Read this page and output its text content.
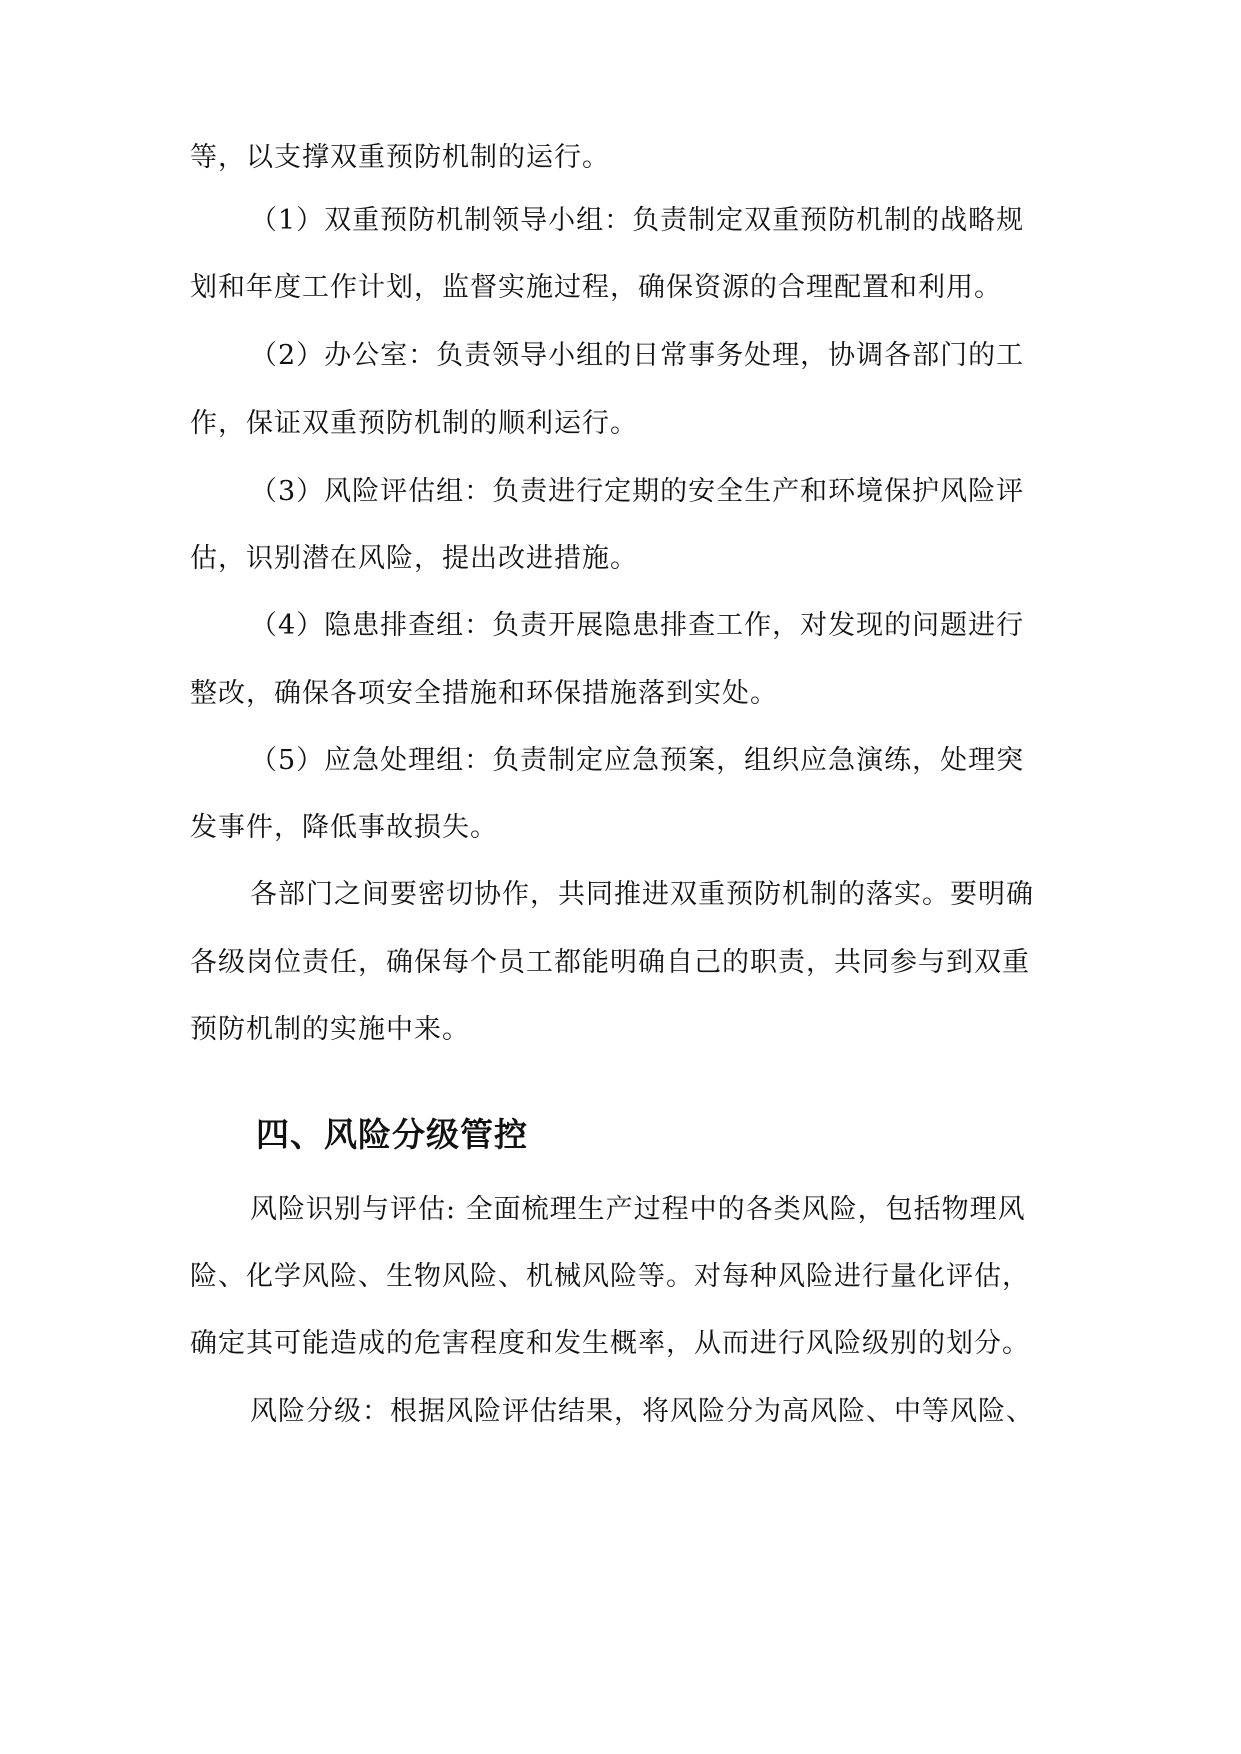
等，以支撑双重预防机制的运行。
（1）双重预防机制领导小组：负责制定双重预防机制的战略规
划和年度工作计划，监督实施过程，确保资源的合理配置和利用。
（2）办公室：负责领导小组的日常事务处理，协调各部门的工
作，保证双重预防机制的顺利运行。
（3）风险评估组：负责进行定期的安全生产和环境保护风险评
估，识别潜在风险，提出改进措施。
（4）隐患排查组：负责开展隐患排查工作，对发现的问题进行
整改，确保各项安全措施和环保措施落到实处。
（5）应急处理组：负责制定应急预案，组织应急演练，处理突
发事件，降低事故损失。
各部门之间要密切协作，共同推进双重预防机制的落实。要明确
各级岗位责任，确保每个员工都能明确自己的职责，共同参与到双重
预防机制的实施中来。
四、风险分级管控
风险识别与评估: 全面梳理生产过程中的各类风险，包括物理风
险、化学风险、生物风险、机械风险等。对每种风险进行量化评估，
确定其可能造成的危害程度和发生概率，从而进行风险级别的划分。
风险分级：根据风险评估结果，将风险分为高风险、中等风险、
